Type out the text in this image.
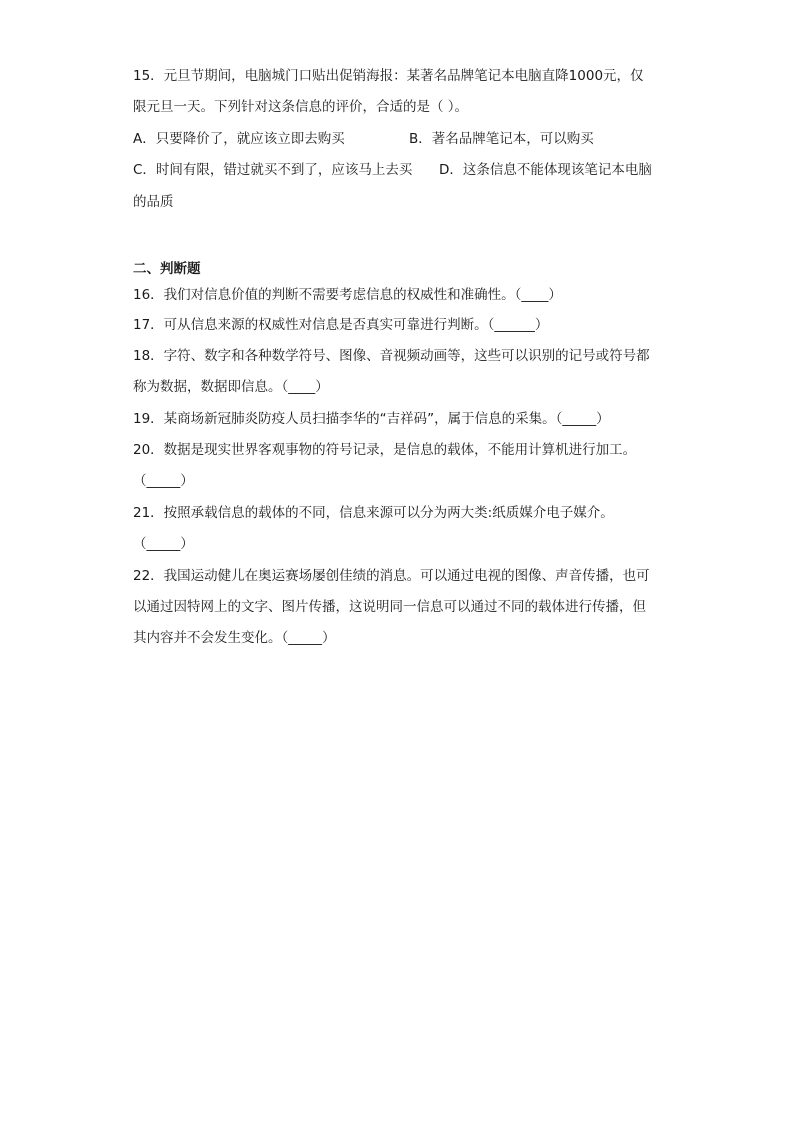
15．元旦节期间，电脑城门口贴出促销海报：某著名品牌笔记本电脑直降1000元，仅
限元旦一天。下列针对这条信息的评价，合适的是（ ）。
A．只要降价了，就应该立即去购买	B．著名品牌笔记本，可以购买
C．时间有限，错过就买不到了，应该马上去买 D．这条信息不能体现该笔记本电脑
的品质
二、判断题
16．我们对信息价值的判断不需要考虑信息的权威性和准确性。（____）
17．可从信息来源的权威性对信息是否真实可靠进行判断。（______）
18．字符、数字和各种数学符号、图像、音视频动画等，这些可以识别的记号或符号都
称为数据，数据即信息。（____）
19．某商场新冠肺炎防疫人员扫描李华的“吉祥码”，属于信息的采集。（_____）
20．数据是现实世界客观事物的符号记录，是信息的载体，不能用计算机进行加工。
（_____）
21．按照承载信息的载体的不同，信息来源可以分为两大类:纸质媒介电子媒介。
（_____）
22．我国运动健儿在奥运赛场屡创佳绩的消息。可以通过电视的图像、声音传播，也可
以通过因特网上的文字、图片传播，这说明同一信息可以通过不同的载体进行传播，但
其内容并不会发生变化。（_____）
